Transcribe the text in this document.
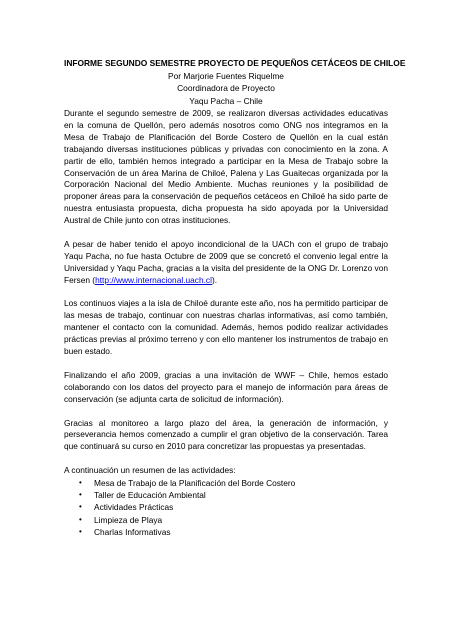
INFORME SEGUNDO SEMESTRE PROYECTO DE PEQUEÑOS CETÁCEOS DE CHILOE
Por Marjorie Fuentes Riquelme
Coordinadora de Proyecto
Yaqu Pacha – Chile

Durante el segundo semestre de 2009, se realizaron diversas actividades educativas en la comuna de Quellón, pero además nosotros como ONG nos integramos en la Mesa de Trabajo de Planificación del Borde Costero de Quellón en la cual están trabajando diversas instituciones públicas y privadas con conocimiento en la zona. A partir de ello, también hemos integrado a participar en la Mesa de Trabajo sobre la Conservación de un área Marina de Chiloé, Palena y Las Guaitecas organizada por la Corporación Nacional del Medio Ambiente. Muchas reuniones y la posibilidad de proponer áreas para la conservación de pequeños cetáceos en Chiloé ha sido parte de nuestra entusiasta propuesta, dicha propuesta ha sido apoyada por la Universidad Austral de Chile junto con otras instituciones.

A pesar de haber tenido el apoyo incondicional de la UACh con el grupo de trabajo Yaqu Pacha, no fue hasta Octubre de 2009 que se concretó el convenio legal entre la Universidad y Yaqu Pacha, gracias a la visita del presidente de la ONG Dr. Lorenzo von Fersen (http://www.internacional.uach.cl).

Los continuos viajes a la isla de Chiloé durante este año, nos ha permitido participar de las mesas de trabajo, continuar con nuestras charlas informativas, así como también, mantener el contacto con la comunidad. Además, hemos podido realizar actividades prácticas previas al próximo terreno y con ello mantener los instrumentos de trabajo en buen estado.

Finalizando el año 2009, gracias a una invitación de WWF – Chile, hemos estado colaborando con los datos del proyecto para el manejo de información para áreas de conservación (se adjunta carta de solicitud de información).

Gracias al monitoreo a largo plazo del área, la generación de información, y perseverancia hemos comenzado a cumplir el gran objetivo de la conservación. Tarea que continuará su curso en 2010 para concretizar las propuestas ya presentadas.

A continuación un resumen de las actividades:

• Mesa de Trabajo de la Planificación del Borde Costero
• Taller de Educación Ambiental
• Actividades Prácticas
• Limpieza de Playa
• Charlas Informativas
